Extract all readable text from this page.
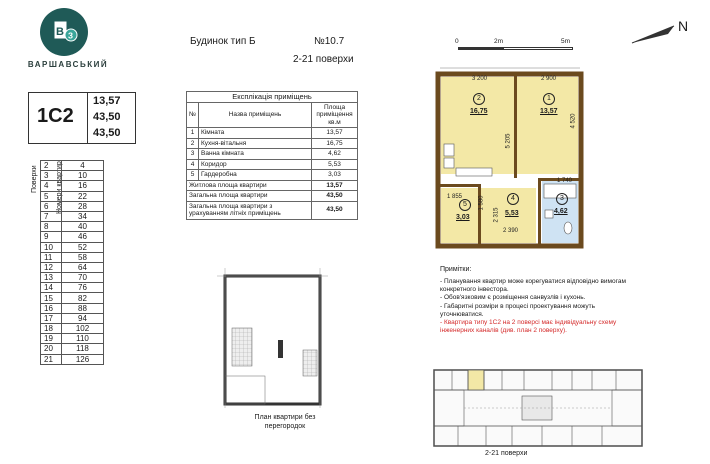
В З
ВАРШАВСЬКИЙ
Будинок тип Б	№10.7
2-21 поверхи
1С2
13,57
43,50
43,50
Поверхи	Номери квартир
2	4
3	10
4	16
5	22
6	28
7	34
8	40
9	46
10	52
11	58
12	64
13	70
14	76
15	82
16	88
17	94
18	102
19	110
20	118
21	126
Експлікація приміщень		
№	Назва приміщень	Площа приміщення кв.м
1	Кімната	13,57
2	Кухня-вітальня	16,75
3	Ванна кімната	4,62
4	Коридор	5,53
5	Гардеробна	3,03
Житлова площа квартири		13,57
Загальна площа квартири		43,50
Загальна площа квартири з урахуванням літніх приміщень		43,50
План квартири без перегородок
0	2m	5m
N
2
16,75
1
13,57
3
4,62
4
5,53
5
3,03
3 200	2 900
5 205
4 520
1 740
1 855	1 580
2 315
2 390
Примітки:

- Планування квартир може корегуватися відповідно вимогам конкретного інвестора.

- Обов'язковим є розміщення санвузлів і кухонь.

- Габаритні розміри в процесі проектування можуть уточнюватися.

- Квартира типу 1С2 на 2 поверсі має індивідуальну схему інженерних каналів (див. план 2 поверху).

2-21 поверхи
